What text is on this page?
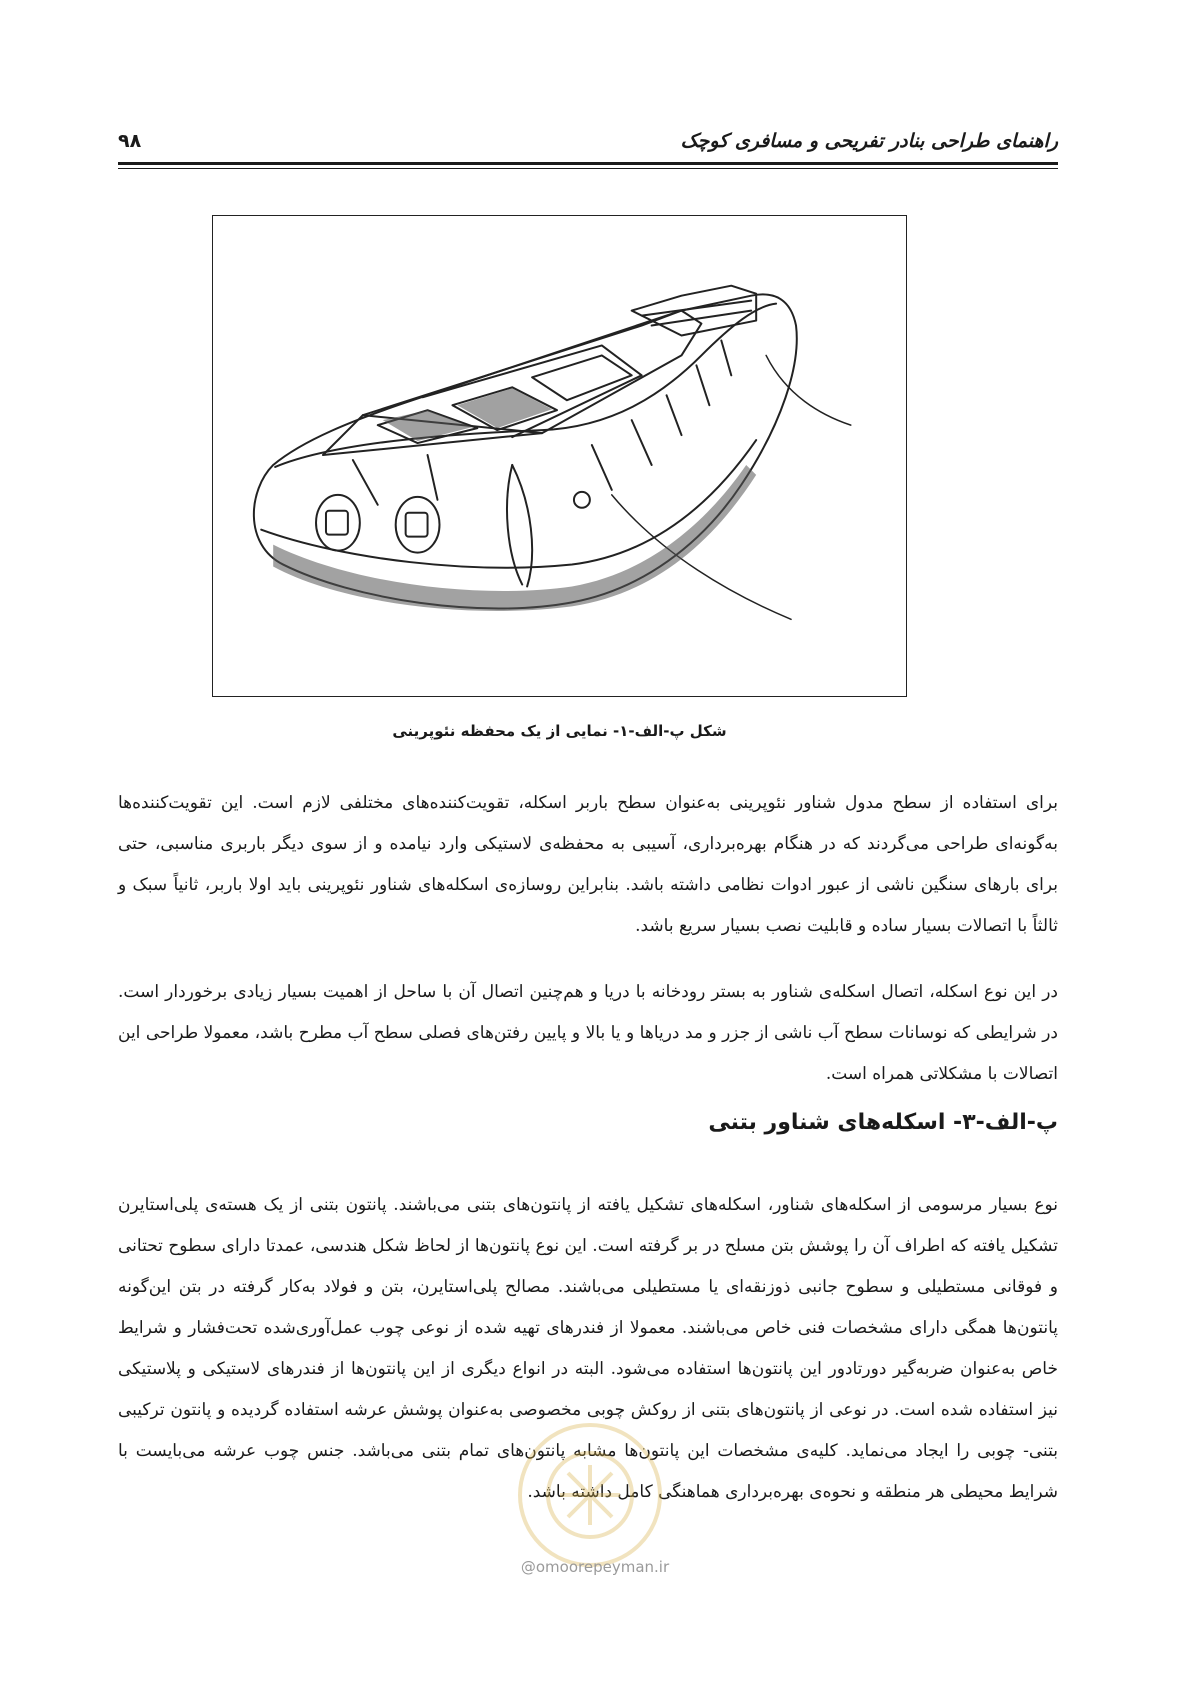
راهنمای طراحی بنادر تفریحی و مسافری کوچک
۹۸
شکل پ-الف-۱- نمایی از یک محفظه نئوپرینی

برای استفاده از سطح مدول شناور نئوپرینی به‌عنوان سطح باربر اسکله، تقویت‌کننده‌های مختلفی لازم است. این تقویت‌کننده‌ها به‌گونه‌ای طراحی می‌گردند که در هنگام بهره‌برداری، آسیبی به محفظه‌ی لاستیکی وارد نیامده و از سوی دیگر باربری مناسبی، حتی برای بارهای سنگین ناشی از عبور ادوات نظامی داشته باشد. بنابراین روسازه‌ی اسکله‌های شناور نئوپرینی باید اولا باربر، ثانیاً سبک و ثالثاً با اتصالات بسیار ساده و قابلیت نصب بسیار سریع باشد.

در این نوع اسکله، اتصال اسکله‌ی شناور به بستر رودخانه با دریا و هم‌چنین اتصال آن با ساحل از اهمیت بسیار زیادی برخوردار است. در شرایطی که نوسانات سطح آب ناشی از جزر و مد دریاها و یا بالا و پایین رفتن‌های فصلی سطح آب مطرح باشد، معمولا طراحی این اتصالات با مشکلاتی همراه است.

پ-الف-۳- اسکله‌های شناور بتنی

نوع بسیار مرسومی از اسکله‌های شناور، اسکله‌های تشکیل یافته از پانتون‌های بتنی می‌باشند. پانتون بتنی از یک هسته‌ی پلی‌استایرن تشکیل یافته که اطراف آن را پوشش بتن مسلح در بر گرفته است. این نوع پانتون‌ها از لحاظ شکل هندسی، عمدتا دارای سطوح تحتانی و فوقانی مستطیلی و سطوح جانبی ذوزنقه‌ای یا مستطیلی می‌باشند. مصالح پلی‌استایرن، بتن و فولاد به‌کار گرفته در بتن این‌گونه پانتون‌ها همگی دارای مشخصات فنی خاص می‌باشند. معمولا از فندرهای تهیه شده از نوعی چوب عمل‌آوری‌شده تحت‌فشار و شرایط خاص به‌عنوان ضربه‌گیر دورتادور این پانتون‌ها استفاده می‌شود. البته در انواع دیگری از این پانتون‌ها از فندرهای لاستیکی و پلاستیکی نیز استفاده شده است. در نوعی از پانتون‌های بتنی از روکش چوبی مخصوصی به‌عنوان پوشش عرشه استفاده گردیده و پانتون ترکیبی بتنی- چوبی را ایجاد می‌نماید. کلیه‌ی مشخصات این پانتون‌ها مشابه پانتون‌های تمام بتنی می‌باشد. جنس چوب عرشه می‌بایست با شرایط محیطی هر منطقه و نحوه‌ی بهره‌برداری هماهنگی کامل داشته باشد.

@omoorepeyman.ir
